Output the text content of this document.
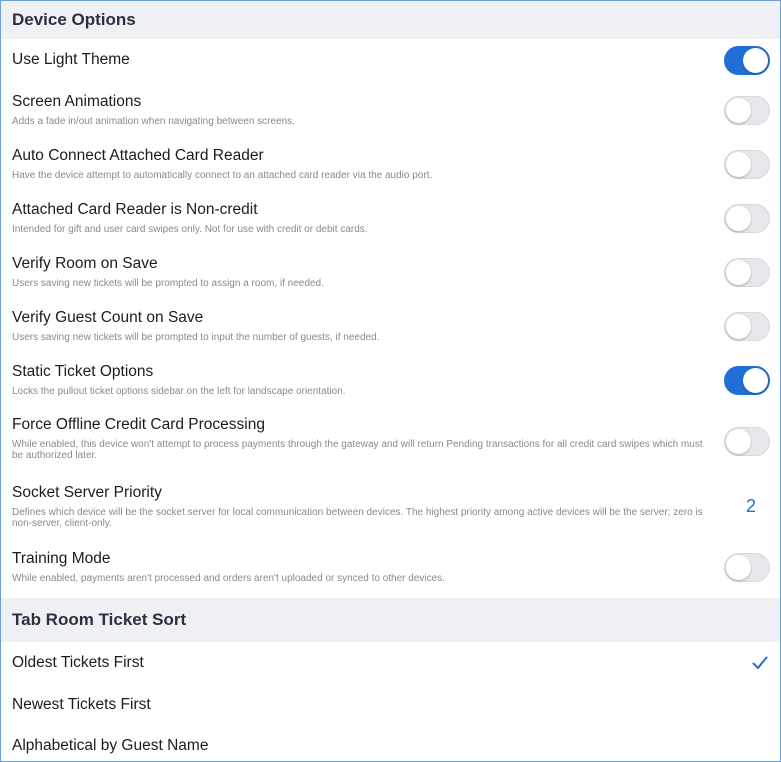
Device Options
Use Light Theme
Screen Animations
Adds a fade in/out animation when navigating between screens.
Auto Connect Attached Card Reader
Have the device attempt to automatically connect to an attached card reader via the audio port.
Attached Card Reader is Non-credit
Intended for gift and user card swipes only. Not for use with credit or debit cards.
Verify Room on Save
Users saving new tickets will be prompted to assign a room, if needed.
Verify Guest Count on Save
Users saving new tickets will be prompted to input the number of guests, if needed.
Static Ticket Options
Locks the pullout ticket options sidebar on the left for landscape orientation.
Force Offline Credit Card Processing
While enabled, this device won't attempt to process payments through the gateway and will return Pending transactions for all credit card swipes which must be authorized later.
Socket Server Priority
Defines which device will be the socket server for local communication between devices. The highest priority among active devices will be the server; zero is non-server, client-only.
2
Training Mode
While enabled, payments aren't processed and orders aren't uploaded or synced to other devices.
Tab Room Ticket Sort
Oldest Tickets First
Newest Tickets First
Alphabetical by Guest Name
